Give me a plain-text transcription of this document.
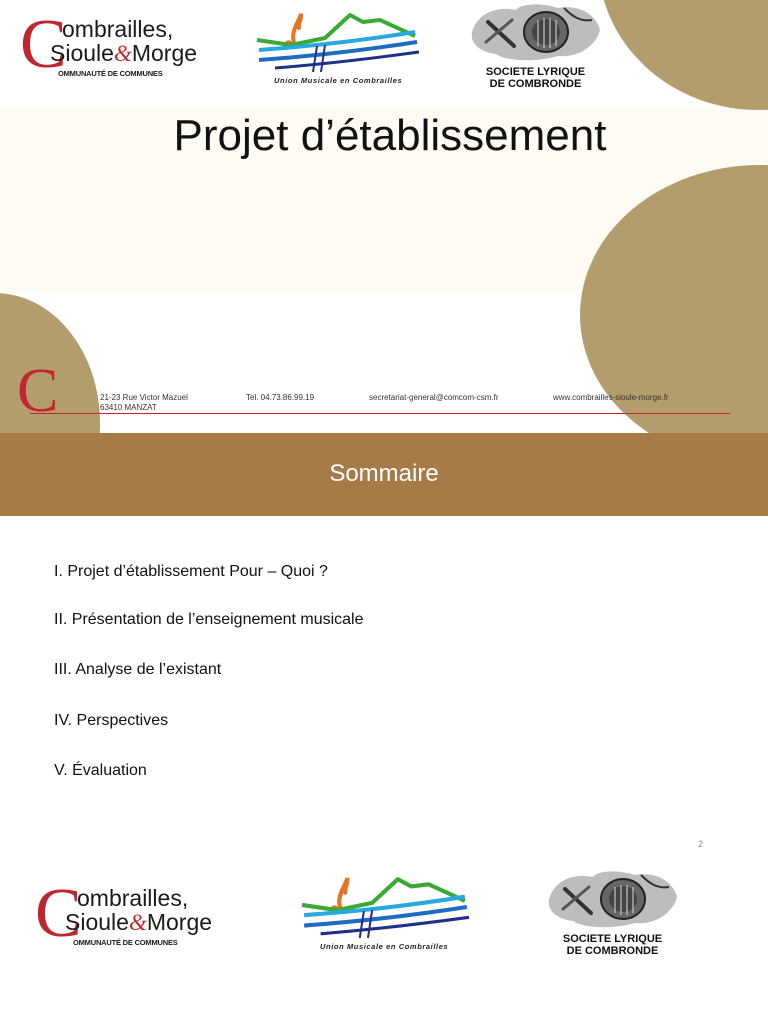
C
ombrailles,
Sioule&Morge
OMMUNAUTÉ DE COMMUNES
Union Musicale en Combrailles
SOCIETE LYRIQUE
DE COMBRONDE
Projet d’établissement
C	21-23 Rue Victor Mazuel
63410 MANZAT
Tel. 04.73.86.99.19	secretariat-general@comcom-csm.fr	www.combrailles-sioule-morge.fr
Sommaire
I. Projet d’établissement Pour – Quoi ?
II. Présentation de l’enseignement musicale
III. Analyse de l’existant
IV. Perspectives
V. Évaluation
2
C
ombrailles,
Sioule&Morge
OMMUNAUTÉ DE COMMUNES	Union Musicale en Combrailles
SOCIETE LYRIQUE
DE COMBRONDE
